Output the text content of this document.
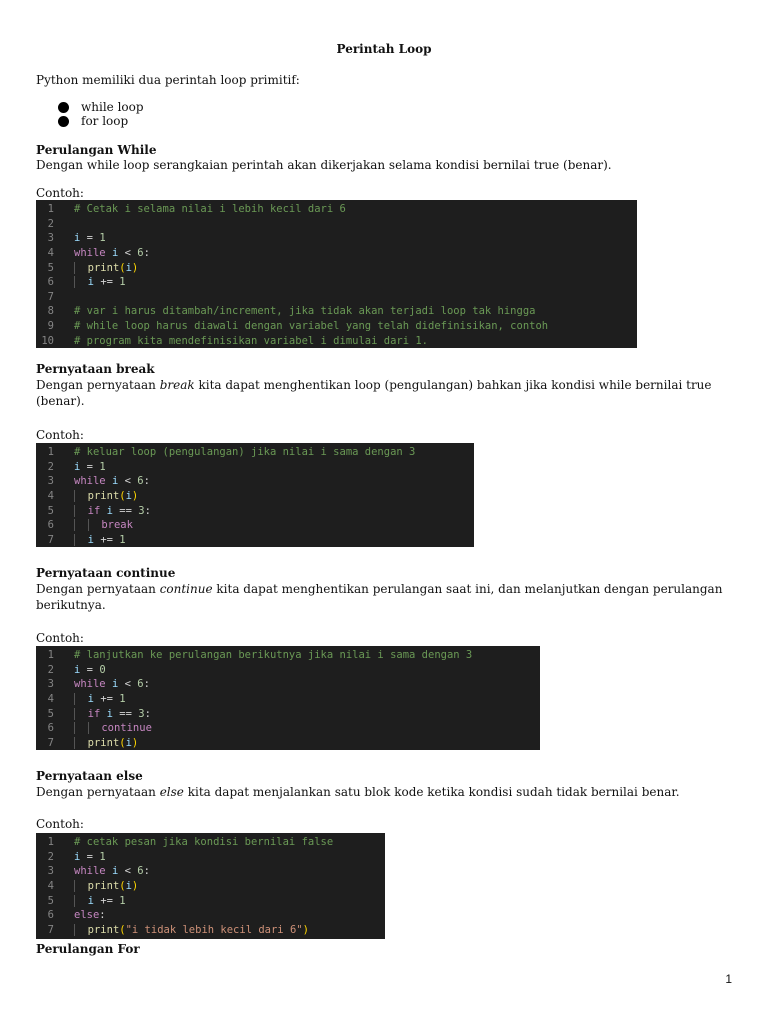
Perintah Loop
Python memiliki dua perintah loop primitif:
while loop
for loop
Perulangan While
Dengan while loop serangkaian perintah akan dikerjakan selama kondisi bernilai true (benar).
Contoh:
1	# Cetak i selama nilai i lebih kecil dari 6
2
3	i = 1
4	while i < 6:
5	print(i)
6	i += 1
7
8	# var i harus ditambah/increment, jika tidak akan terjadi loop tak hingga
9	# while loop harus diawali dengan variabel yang telah didefinisikan, contoh
10	# program kita mendefinisikan variabel i dimulai dari 1.
Pernyataan break
Dengan pernyataan break kita dapat menghentikan loop (pengulangan) bahkan jika kondisi while bernilai true (benar).
Contoh:
1	# keluar loop (pengulangan) jika nilai i sama dengan 3
2	i = 1
3	while i < 6:
4	print(i)
5	if i == 3:
6	break
7	i += 1
Pernyataan continue
Dengan pernyataan continue kita dapat menghentikan perulangan saat ini, dan melanjutkan dengan perulangan berikutnya.
Contoh:
1	# lanjutkan ke perulangan berikutnya jika nilai i sama dengan 3
2	i = 0
3	while i < 6:
4	i += 1
5	if i == 3:
6	continue
7	print(i)
Pernyataan else
Dengan pernyataan else kita dapat menjalankan satu blok kode ketika kondisi sudah tidak bernilai benar.
Contoh:
1	# cetak pesan jika kondisi bernilai false
2	i = 1
3	while i < 6:
4	print(i)
5	i += 1
6	else:
7	print("i tidak lebih kecil dari 6")
Perulangan For
1
